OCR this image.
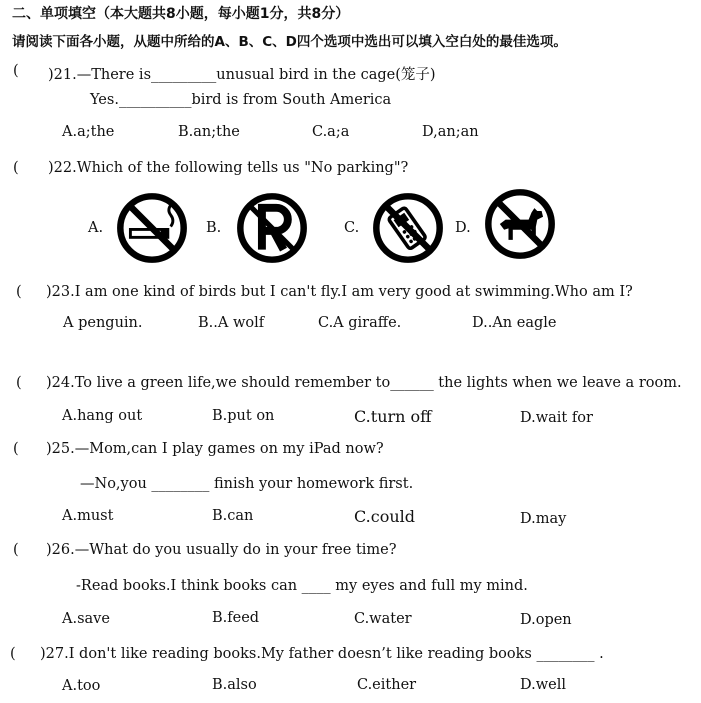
二、单项填空（本大题共8小题，每小题1分，共8分）
请阅读下面各小题，从题中所给的A、B、C、D四个选项中选出可以填入空白处的最佳选项。
( )21.—There is_________unusual bird in the cage(笼子)
Yes.__________bird is from South America
A.a;the	B.an;the	C.a;a	D,an;an
( )22.Which of the following tells us "No parking"?
A.	B.	C.	D.
( )23.I am one kind of birds but I can't fly.I am very good at swimming.Who am I?
A penguin.	B..A wolf	C.A giraffe.	D..An eagle
( )24.To live a green life,we should remember to______ the lights when we leave a room.
A.hang out	B.put on	C.turn off	D.wait for
( )25.—Mom,can I play games on my iPad now?
—No,you ________ finish your homework first.
A.must	B.can	C.could	D.may
( )26.—What do you usually do in your free time?
-Read books.I think books can ____ my eyes and full my mind.
A.save	B.feed	C.water	D.open
( )27.I don't like reading books.My father doesn’t like reading books ________ .
A.too	B.also	C.either	D.well
